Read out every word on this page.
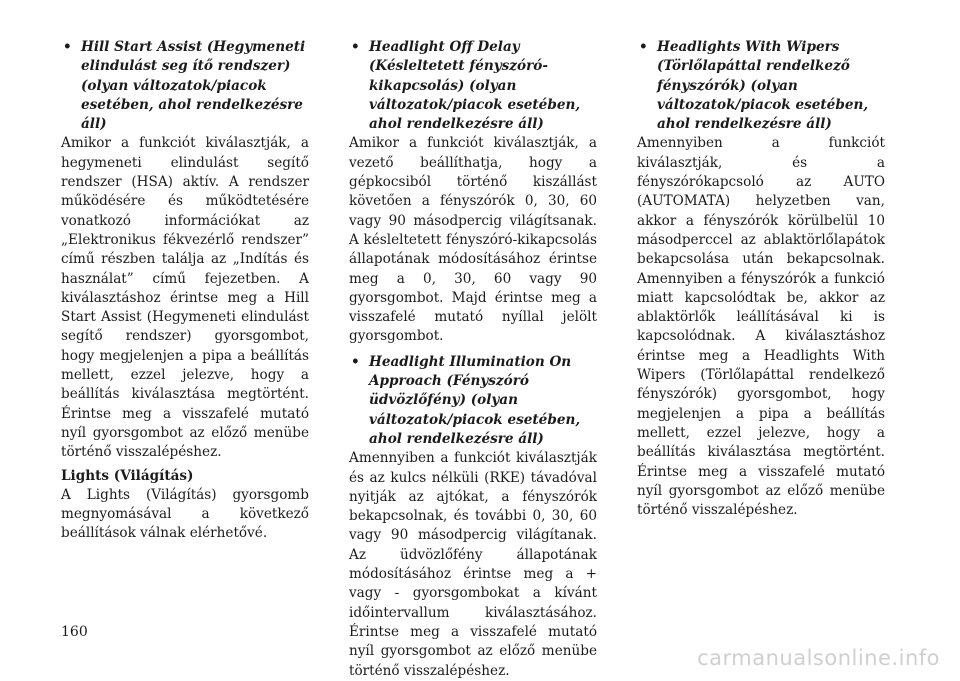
• Hill Start Assist (Hegymeneti elindulást seg ítő rendszer) (olyan változatok/piacok esetében, ahol rendelkezésre áll)
Amikor a funkciót kiválasztják, a hegymeneti elindulást segítő rendszer (HSA) aktív. A rendszer működésére és működtetésére vonatkozó információkat az „Elektronikus fékvezérlő rendszer” című részben találja az „Indítás és használat” című fejezetben. A kiválasztáshoz érintse meg a Hill Start Assist (Hegymeneti elindulást segítő rendszer) gyorsgombot, hogy megjelenjen a pipa a beállítás mellett, ezzel jelezve, hogy a beállítás kiválasztása megtörtént. Érintse meg a visszafelé mutató nyíl gyorsgombot az előző menübe történő visszalépéshez.
Lights (Világítás)
A Lights (Világítás) gyorsgomb megnyomásával a következő beállítások válnak elérhetővé.
• Headlight Off Delay (Késleltetett fényszóró-kikapcsolás) (olyan változatok/piacok esetében, ahol rendelkezésre áll)
Amikor a funkciót kiválasztják, a vezető beállíthatja, hogy a gépkocsiból történő kiszállást követően a fényszórók 0, 30, 60 vagy 90 másodpercig világítsanak. A késleltetett fényszóró-kikapcsolás állapotának módosításához érintse meg a 0, 30, 60 vagy 90 gyorsgombot. Majd érintse meg a visszafelé mutató nyíllal jelölt gyorsgombot.
• Headlight Illumination On Approach (Fényszóró üdvözlőfény) (olyan változatok/piacok esetében, ahol rendelkezésre áll)
Amennyiben a funkciót kiválasztják és az kulcs nélküli (RKE) távadóval nyitják az ajtókat, a fényszórók bekapcsolnak, és további 0, 30, 60 vagy 90 másodpercig világítanak. Az üdvözlőfény állapotának módosításához érintse meg a + vagy - gyorsgombokat a kívánt időintervallum kiválasztásához. Érintse meg a visszafelé mutató nyíl gyorsgombot az előző menübe történő visszalépéshez.
• Headlights With Wipers (Törlőlapáttal rendelkező fényszórók) (olyan változatok/piacok esetében, ahol rendelkezésre áll)
Amennyiben a funkciót kiválasztják, és a fényszórókapcsoló az AUTO (AUTOMATA) helyzetben van, akkor a fényszórók körülbelül 10 másodperccel az ablaktörlőlapátok bekapcsolása után bekapcsolnak. Amennyiben a fényszórók a funkció miatt kapcsolódtak be, akkor az ablaktörlők leállításával ki is kapcsolódnak. A kiválasztáshoz érintse meg a Headlights With Wipers (Törlőlapáttal rendelkező fényszórók) gyorsgombot, hogy megjelenjen a pipa a beállítás mellett, ezzel jelezve, hogy a beállítás kiválasztása megtörtént. Érintse meg a visszafelé mutató nyíl gyorsgombot az előző menübe történő visszalépéshez.
160
carmanualsonline.info
